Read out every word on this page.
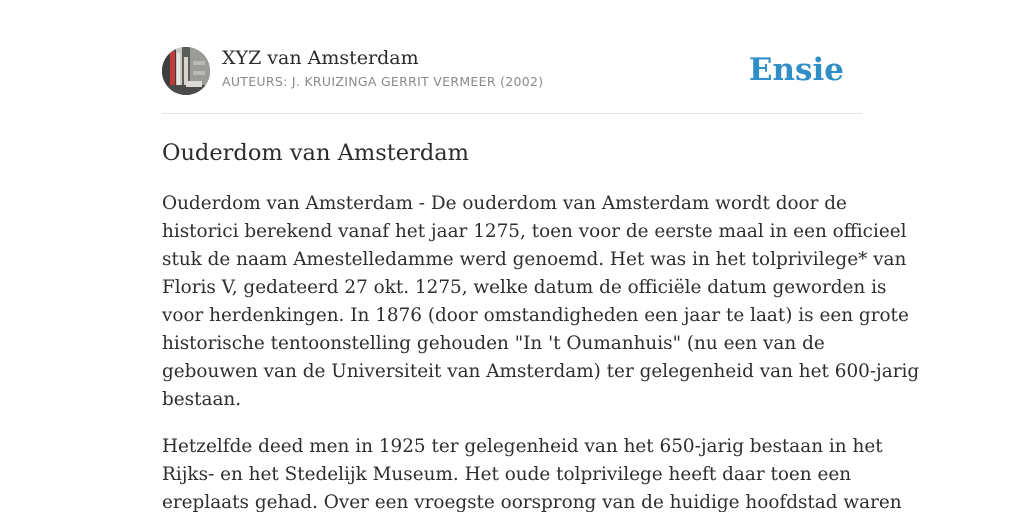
XYZ van Amsterdam
AUTEURS: J. KRUIZINGA GERRIT VERMEER (2002)	Ensie
Ouderdom van Amsterdam

Ouderdom van Amsterdam - De ouderdom van Amsterdam wordt door de
historici berekend vanaf het jaar 1275, toen voor de eerste maal in een officieel
stuk de naam Amestelledamme werd genoemd. Het was in het tolprivilege* van
Floris V, gedateerd 27 okt. 1275, welke datum de officiële datum geworden is
voor herdenkingen. In 1876 (door omstandigheden een jaar te laat) is een grote
historische tentoonstelling gehouden "In 't Oumanhuis" (nu een van de
gebouwen van de Universiteit van Amsterdam) ter gelegenheid van het 600-jarig
bestaan.

Hetzelfde deed men in 1925 ter gelegenheid van het 650-jarig bestaan in het
Rijks- en het Stedelijk Museum. Het oude tolprivilege heeft daar toen een
ereplaats gehad. Over een vroegste oorsprong van de huidige hoofdstad waren
